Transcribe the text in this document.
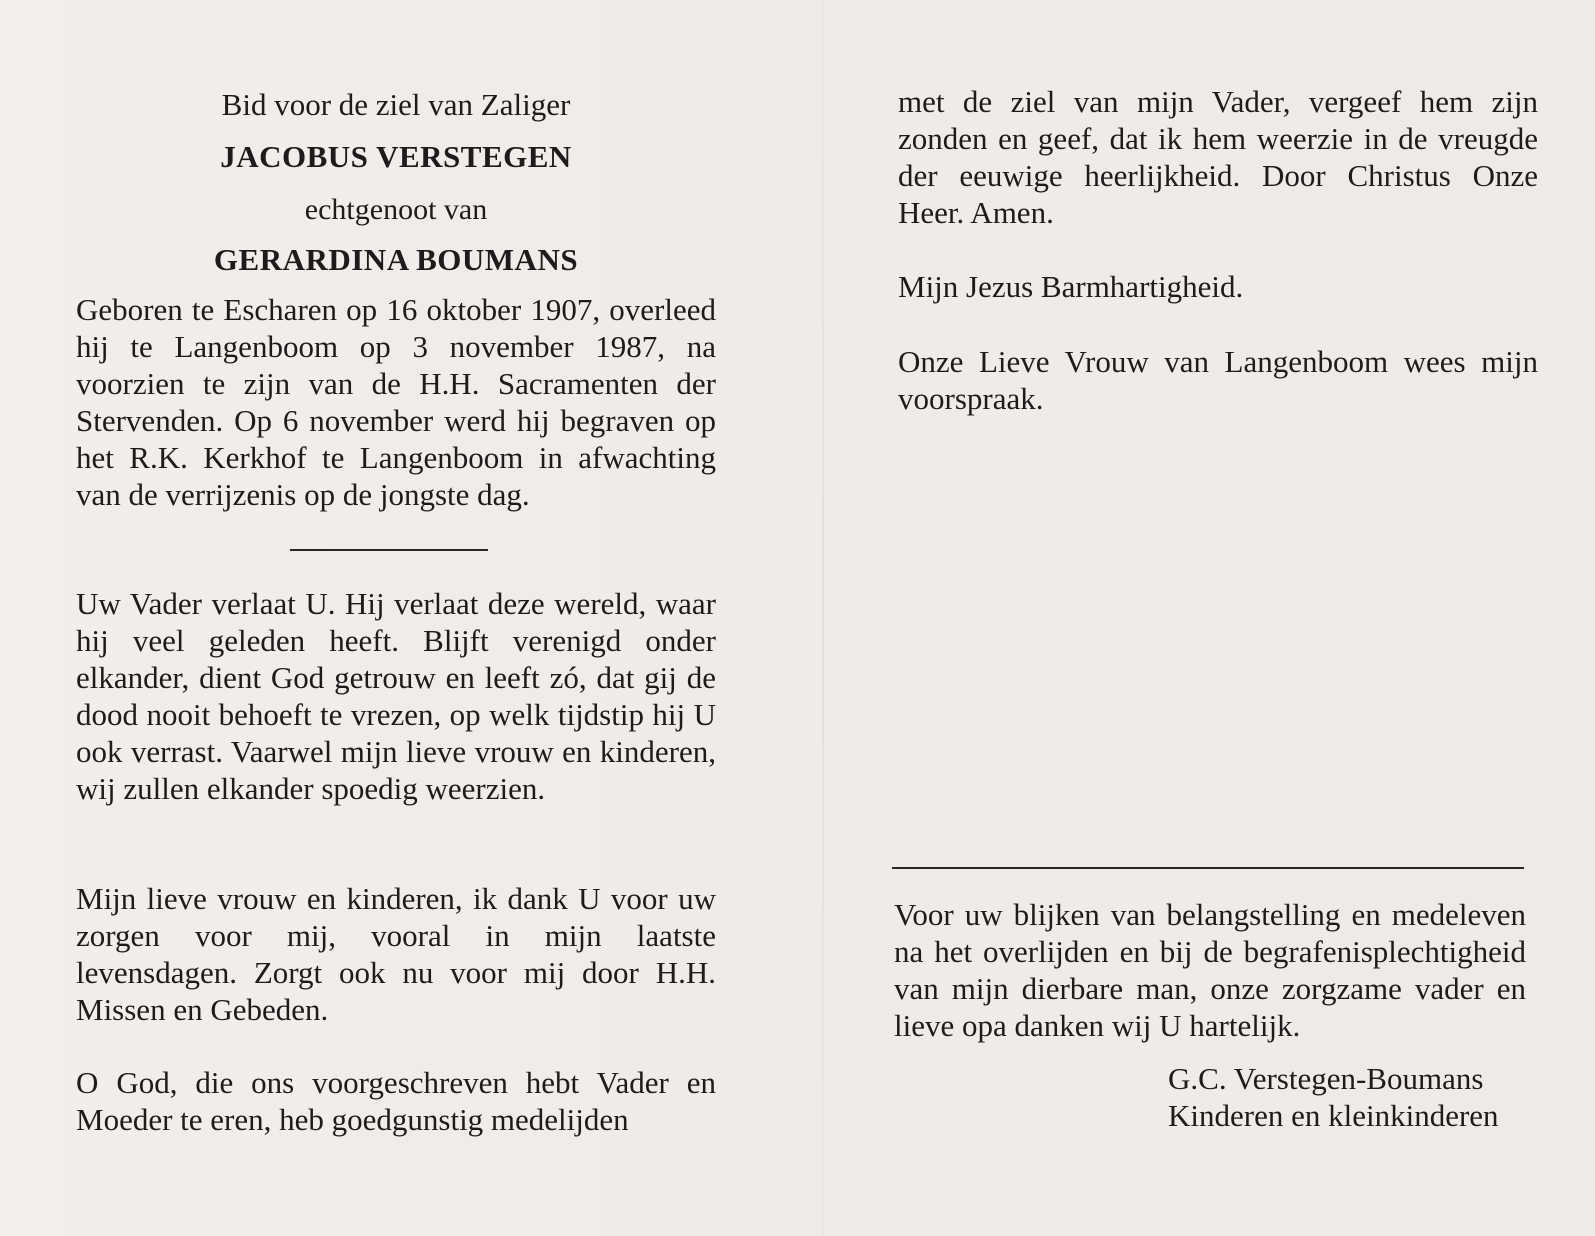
Bid voor de ziel van Zaliger
JACOBUS VERSTEGEN
echtgenoot van
GERARDINA BOUMANS
Geboren te Escharen op 16 oktober 1907, overleed hij te Langenboom op 3 november 1987, na voorzien te zijn van de H.H. Sacramenten der Stervenden. Op 6 november werd hij begraven op het R.K. Kerkhof te Langenboom in afwachting van de verrijzenis op de jongste dag.
Uw Vader verlaat U. Hij verlaat deze wereld, waar hij veel geleden heeft. Blijft verenigd onder elkander, dient God getrouw en leeft zó, dat gij de dood nooit behoeft te vrezen, op welk tijdstip hij U ook verrast. Vaarwel mijn lieve vrouw en kinderen, wij zullen elkander spoedig weerzien.
Mijn lieve vrouw en kinderen, ik dank U voor uw zorgen voor mij, vooral in mijn laatste levensdagen. Zorgt ook nu voor mij door H.H. Missen en Gebeden.
O God, die ons voorgeschreven hebt Vader en Moeder te eren, heb goedgunstig medelijden
met de ziel van mijn Vader, vergeef hem zijn zonden en geef, dat ik hem weerzie in de vreugde der eeuwige heerlijkheid. Door Christus Onze Heer. Amen.
Mijn Jezus Barmhartigheid.
Onze Lieve Vrouw van Langenboom wees mijn voorspraak.
Voor uw blijken van belangstelling en medeleven na het overlijden en bij de begrafenisplechtigheid van mijn dierbare man, onze zorgzame vader en lieve opa danken wij U hartelijk.
G.C. Verstegen-Boumans
Kinderen en kleinkinderen
